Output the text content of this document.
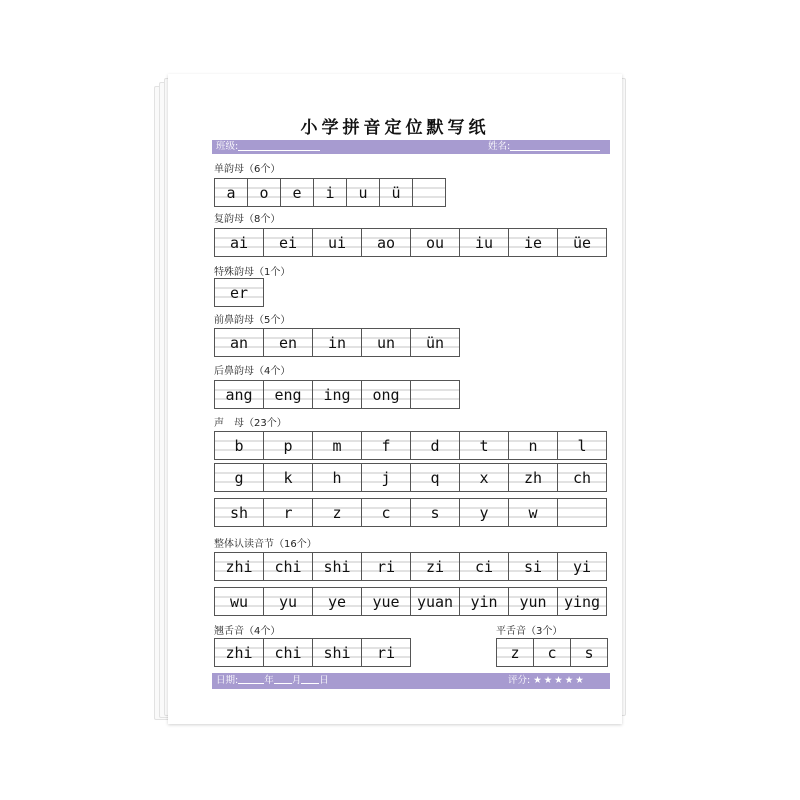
小学拼音定位默写纸
班级:	姓名:
单韵母（6个）
复韵母（8个）
特殊韵母（1个）
前鼻韵母（5个）
后鼻韵母（4个）
声　母（23个）
整体认读音节（16个）
翘舌音（4个）	平舌音（3个）
a o e i u ü
ai ei ui ao ou iu ie üe
er
an en in un ün
ang eng ing ong
b	p	m	f	d	t	n	l
g	k	h	j	q	x zh ch
sh r	z	c	s	y	w
zhi chi shi ri zi ci si yi
wu yu ye yue yuan yin yun ying
zhi chi shi ri	z c s
日期:	年 月 日	评分: ★★★★★
